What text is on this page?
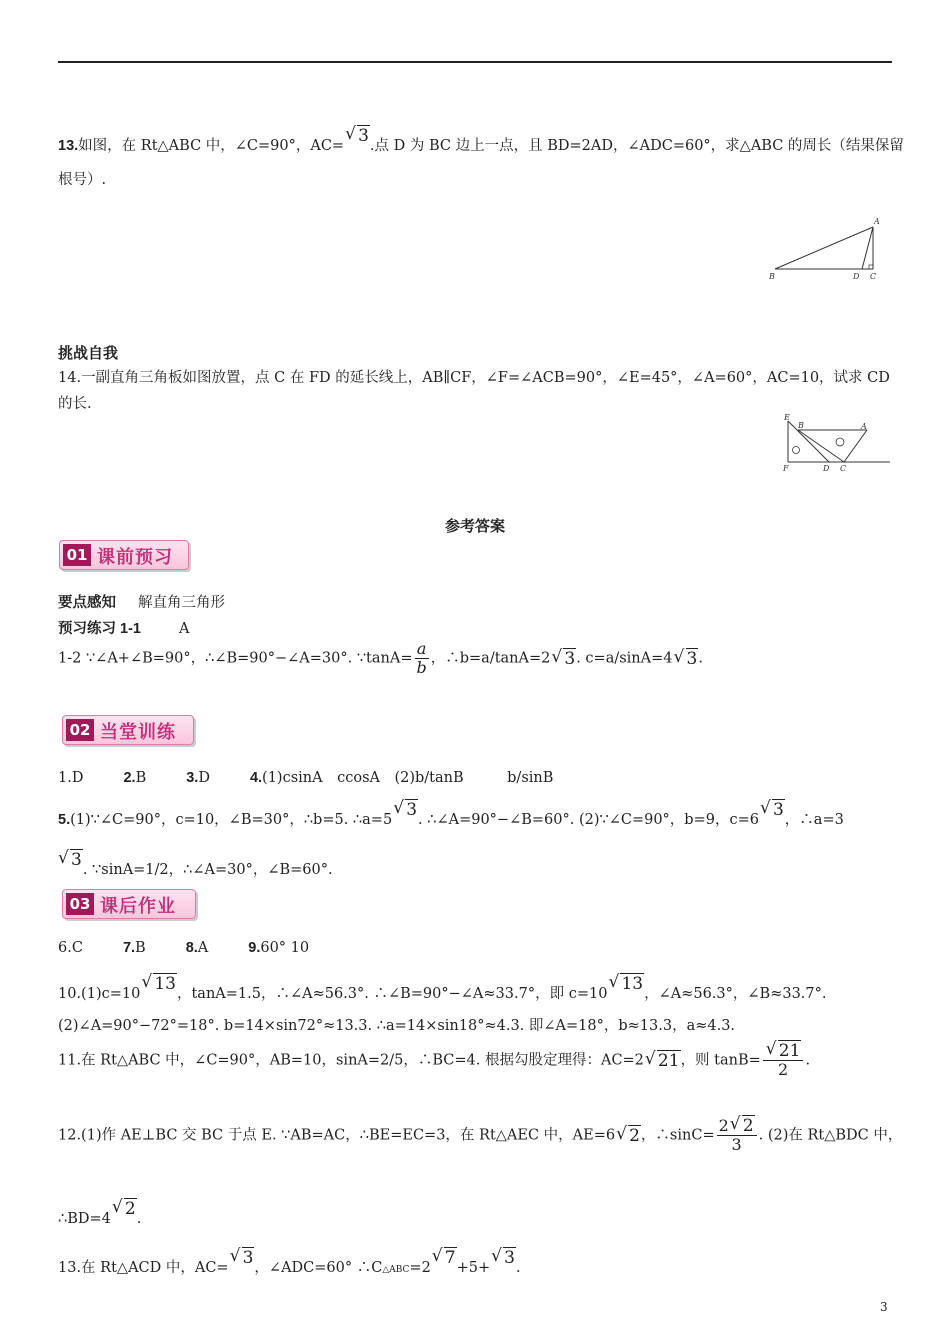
13.如图，在 Rt△ABC 中，∠C=90°，AC= √ 3.点 D 为 BC 边上一点，且 BD=2AD，∠ADC=60°，求△ABC 的周长（结果保留
根号）.
A
B	D C
挑战自我
14.一副直角三角板如图放置，点 C 在 FD 的延长线上，AB∥CF，∠F=∠ACB=90°，∠E=45°，∠A=60°，AC=10，试求 CD
的长.
E
B	A
F	D C
参考答案
01 课前预习
要点感知 解直角三角形
预习练习 1-1	A
1-2 ∵∠A+∠B=90°，∴∠B=90°−∠A=30°. ∵tanA= $\frac{a}{b}$ ，∴b=a/tanA=2 √ 3. c=a/sinA=4 √ 3.
02 当堂训练
1.D	2.B	3.D	4.(1)csinA　ccosA　(2)b/tanB　　　b/sinB
5.(1)∵∠C=90°，c=10，∠B=30°，∴b=5. ∴a=5 √ 3. ∴∠A=90°−∠B=60°. (2)∵∠C=90°，b=9，c=6 √ 3，∴a=3
√ 3. ∵sinA=1/2，∴∠A=30°，∠B=60°.
03 课后作业
6.C	7.B	8.A	9.60° 10
10.(1)c=10 √ 13，tanA=1.5，∴∠A≈56.3°. ∴∠B=90°−∠A≈33.7°，即 c=10 √ 13，∠A≈56.3°，∠B≈33.7°.
(2)∠A=90°−72°=18°. b=14×sin72°≈13.3. ∴a=14×sin18°≈4.3. 即∠A=18°，b≈13.3，a≈4.3.
11.在 Rt△ABC 中，∠C=90°，AB=10，sinA=2/5，∴BC=4. 根据勾股定理得：AC=2 √ 21，则 tanB= √ $\frac{21}{2}$ .
12.(1)作 AE⊥BC 交 BC 于点 E. ∵AB=AC，∴BE=EC=3，在 Rt△AEC 中，AE=6 √ 2，∴sinC= $\frac{2 √ 2}{3}$ . (2)在 Rt△BDC 中，
∴BD=4 √ 2.
13.在 Rt△ACD 中，AC= √ 3，∠ADC=60° ∴C△ABC=2 √ 7+5+ √ 3.
3
